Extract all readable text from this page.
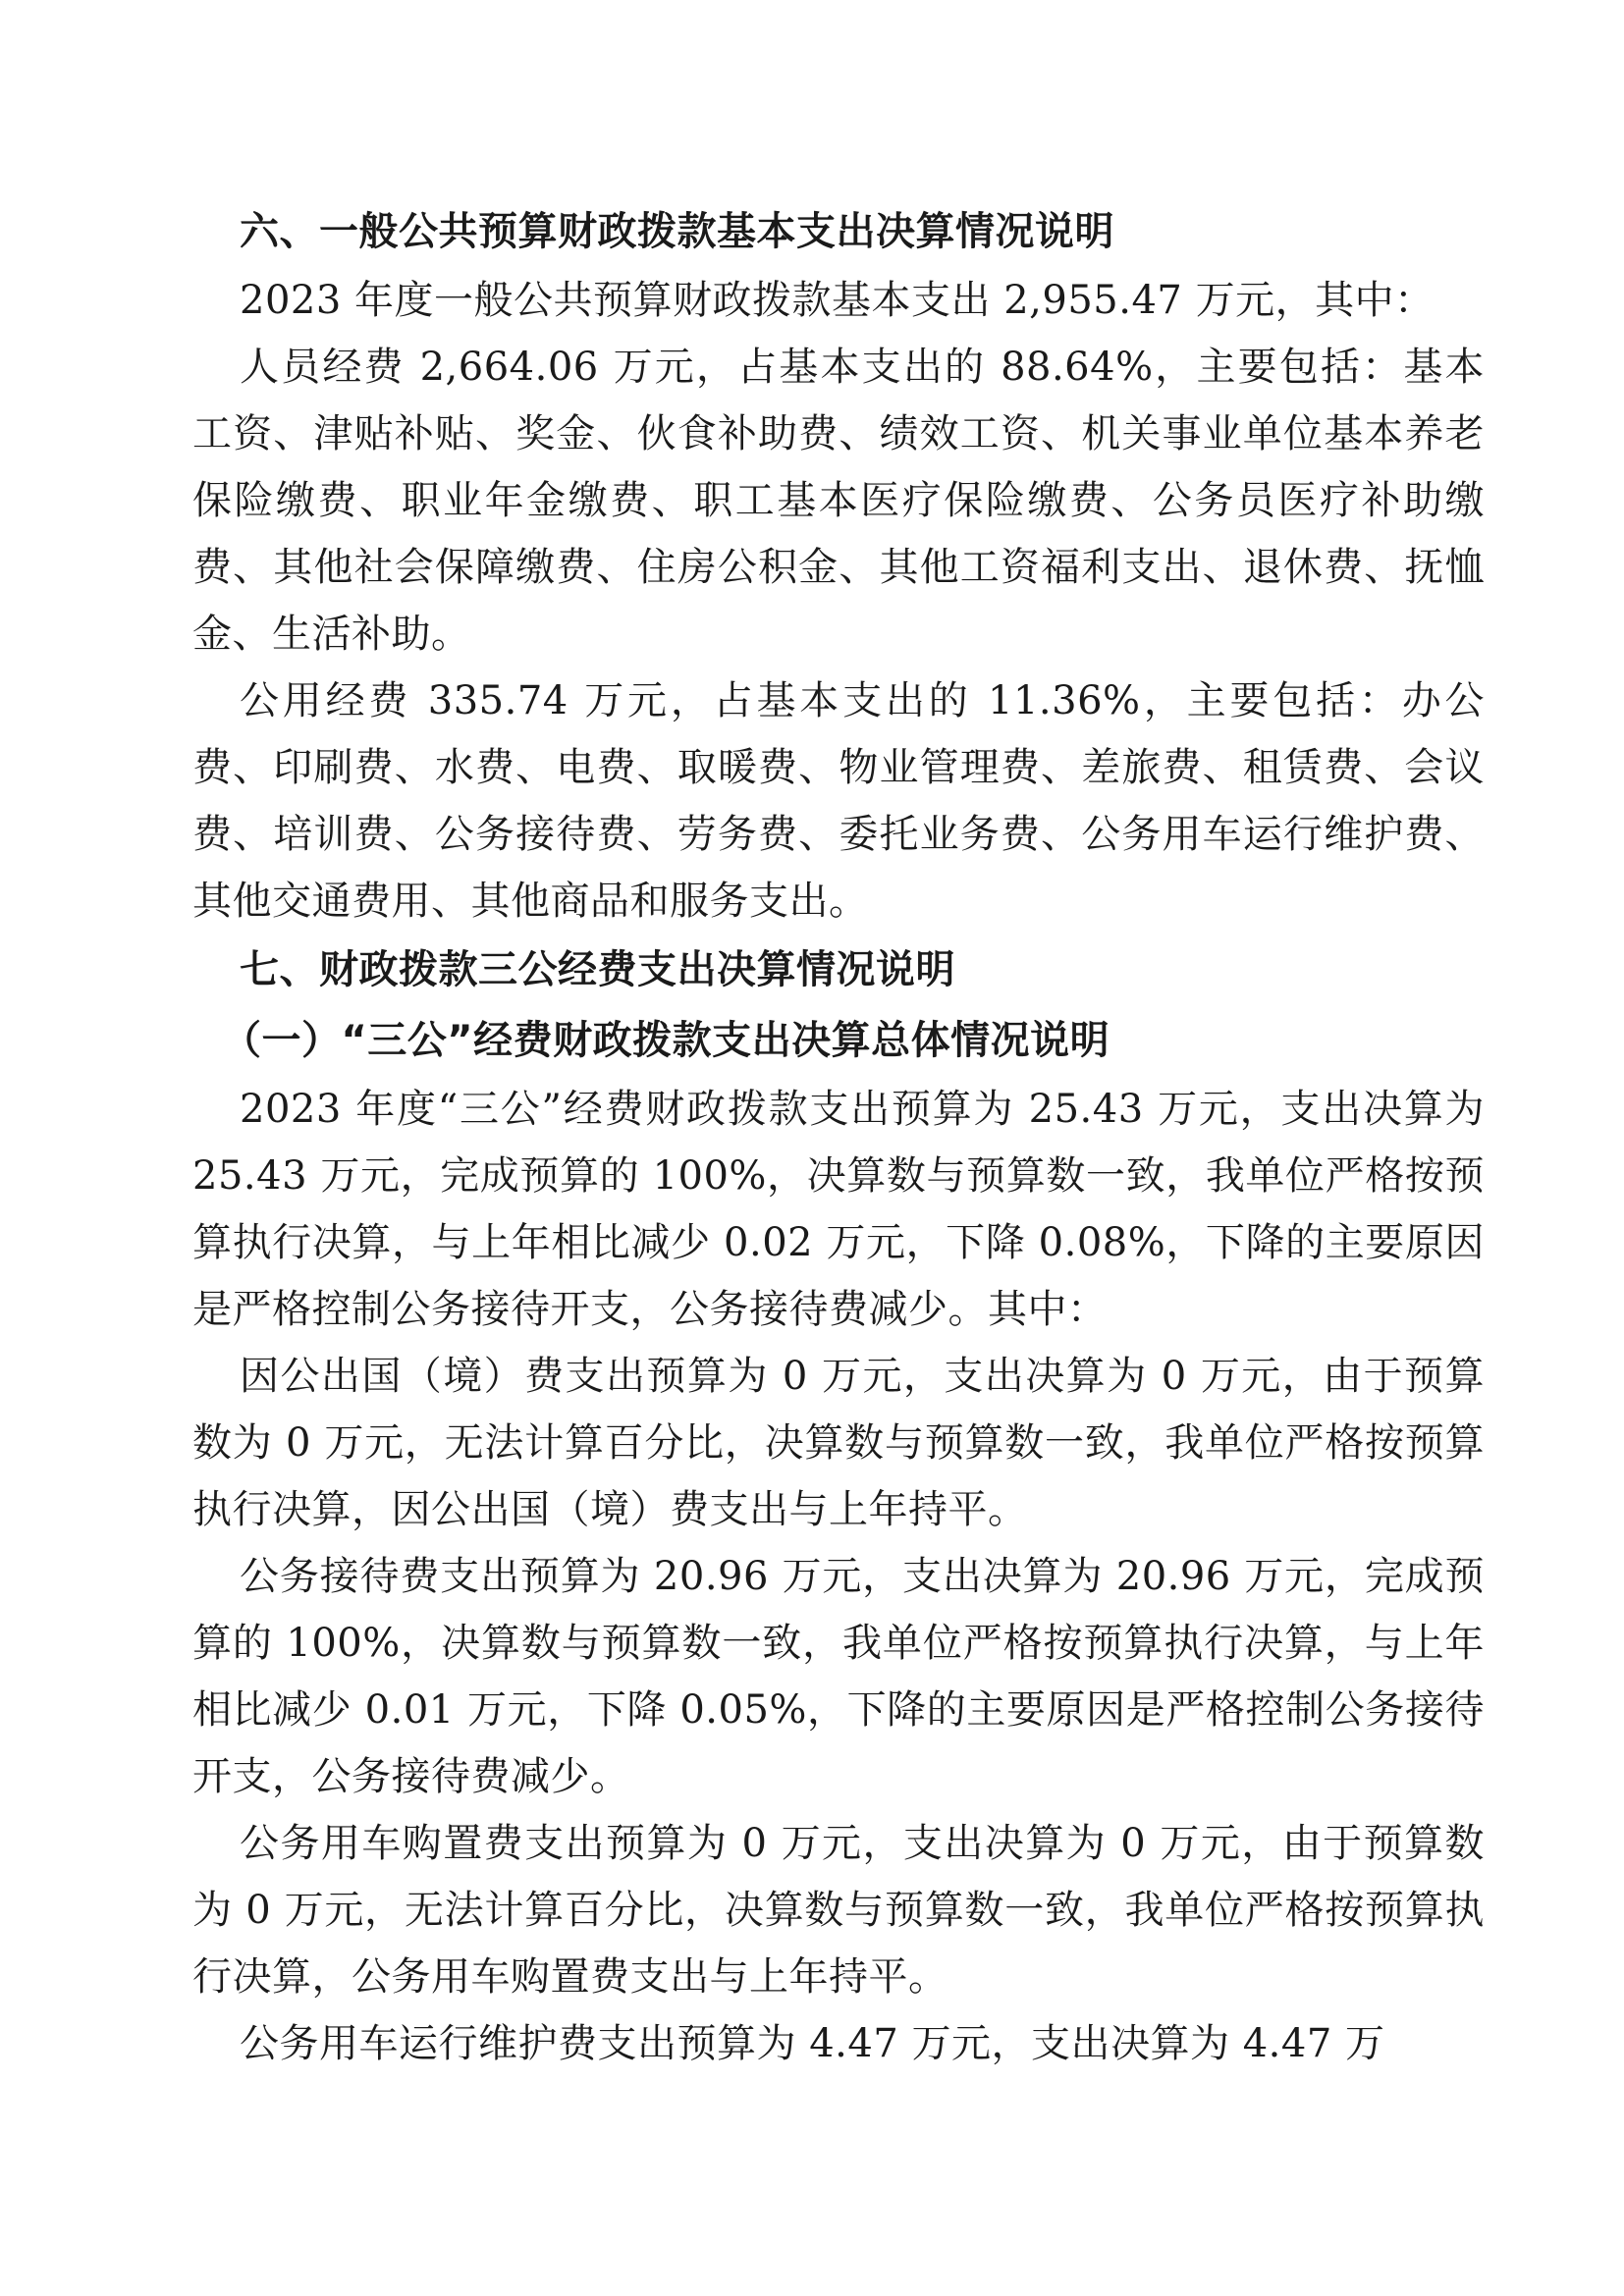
六、一般公共预算财政拨款基本支出决算情况说明

2023 年度一般公共预算财政拨款基本支出 2,955.47 万元，其中：

人员经费 2,664.06 万元，占基本支出的 88.64%，主要包括：基本工资、津贴补贴、奖金、伙食补助费、绩效工资、机关事业单位基本养老保险缴费、职业年金缴费、职工基本医疗保险缴费、公务员医疗补助缴费、其他社会保障缴费、住房公积金、其他工资福利支出、退休费、抚恤金、生活补助。

公用经费 335.74 万元，占基本支出的 11.36%，主要包括：办公费、印刷费、水费、电费、取暖费、物业管理费、差旅费、租赁费、会议费、培训费、公务接待费、劳务费、委托业务费、公务用车运行维护费、其他交通费用、其他商品和服务支出。

七、财政拨款三公经费支出决算情况说明
（一）“三公”经费财政拨款支出决算总体情况说明

2023 年度“三公”经费财政拨款支出预算为 25.43 万元，支出决算为 25.43 万元，完成预算的 100%，决算数与预算数一致，我单位严格按预算执行决算，与上年相比减少 0.02 万元，下降 0.08%，下降的主要原因是严格控制公务接待开支，公务接待费减少。其中：

因公出国（境）费支出预算为 0 万元，支出决算为 0 万元，由于预算数为 0 万元，无法计算百分比，决算数与预算数一致，我单位严格按预算执行决算，因公出国（境）费支出与上年持平。

公务接待费支出预算为 20.96 万元，支出决算为 20.96 万元，完成预算的 100%，决算数与预算数一致，我单位严格按预算执行决算，与上年相比减少 0.01 万元，下降 0.05%，下降的主要原因是严格控制公务接待开支，公务接待费减少。

公务用车购置费支出预算为 0 万元，支出决算为 0 万元，由于预算数为 0 万元，无法计算百分比，决算数与预算数一致，我单位严格按预算执行决算，公务用车购置费支出与上年持平。

公务用车运行维护费支出预算为 4.47 万元，支出决算为 4.47 万
